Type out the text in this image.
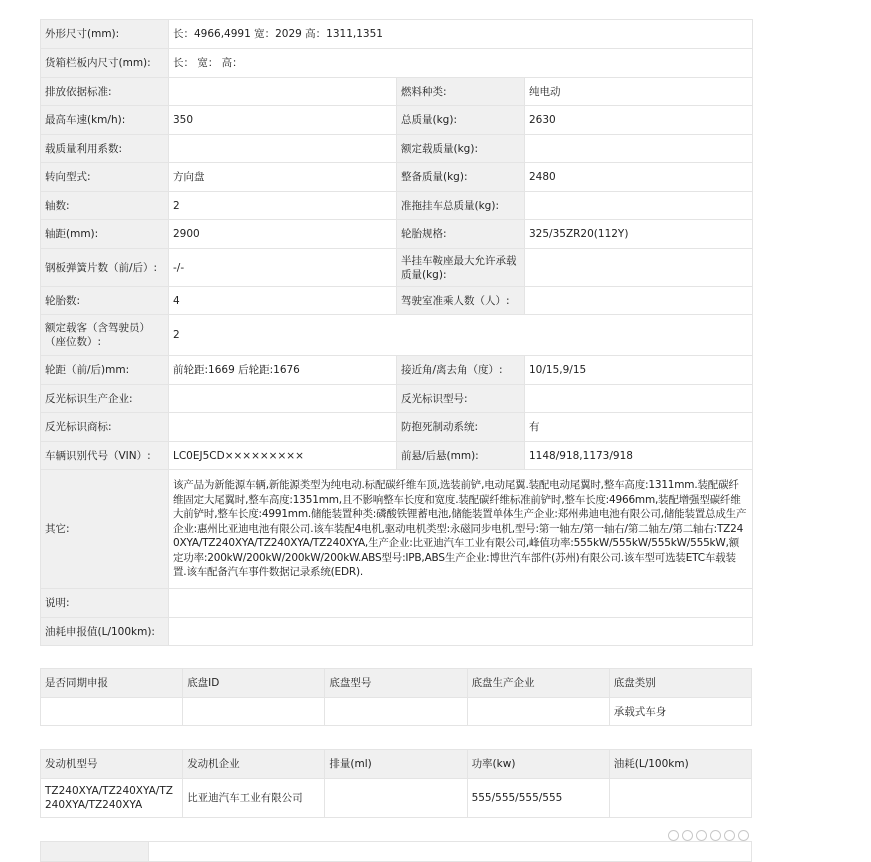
外形尺寸(mm):	长：4966,4991 宽：2029 高：1311,1351		
货箱栏板内尺寸(mm):	长： 宽： 高：		
排放依据标准:		燃料种类:	纯电动
最高车速(km/h):	350	总质量(kg):	2630
载质量利用系数:		额定载质量(kg):	
转向型式:	方向盘	整备质量(kg):	2480
轴数:	2	准拖挂车总质量(kg):	
轴距(mm):	2900	轮胎规格:	325/35ZR20(112Y)
钢板弹簧片数（前/后）:	-/-	半挂车鞍座最大允许承载质量(kg):	
轮胎数:	4	驾驶室准乘人数（人）:	
额定载客（含驾驶员）（座位数）:	2		
轮距（前/后)mm:	前轮距:1669 后轮距:1676	接近角/离去角（度）:	10/15,9/15
反光标识生产企业:		反光标识型号:	
反光标识商标:		防抱死制动系统:	有
车辆识别代号（VIN）:	LC0EJ5CD×××××××××	前悬/后悬(mm):	1148/918,1173/918
其它:	该产品为新能源车辆,新能源类型为纯电动.标配碳纤维车顶,选装前铲,电动尾翼.装配电动尾翼时,整车高度:1311mm.装配碳纤维固定大尾翼时,整车高度:1351mm,且不影响整车长度和宽度.装配碳纤维标准前铲时,整车长度:4966mm,装配增强型碳纤维大前铲时,整车长度:4991mm.储能装置种类:磷酸铁锂蓄电池,储能装置单体生产企业:郑州弗迪电池有限公司,储能装置总成生产企业:惠州比亚迪电池有限公司.该车装配4电机,驱动电机类型:永磁同步电机,型号:第一轴左/第一轴右/第二轴左/第二轴右:TZ240XYA/TZ240XYA/TZ240XYA/TZ240XYA,生产企业:比亚迪汽车工业有限公司,峰值功率:555kW/555kW/555kW/555kW,额定功率:200kW/200kW/200kW/200kW.ABS型号:IPB,ABS生产企业:博世汽车部件(苏州)有限公司.该车型可选装ETC车载装置.该车配备汽车事件数据记录系统(EDR).		
说明:			
油耗申报值(L/100km):			
是否同期申报	底盘ID	底盘型号	底盘生产企业	底盘类别
				承载式车身
发动机型号	发动机企业	排量(ml)	功率(kw)	油耗(L/100km)
TZ240XYA/TZ240XYA/TZ240XYA/TZ240XYA	比亚迪汽车工业有限公司		555/555/555/555	
